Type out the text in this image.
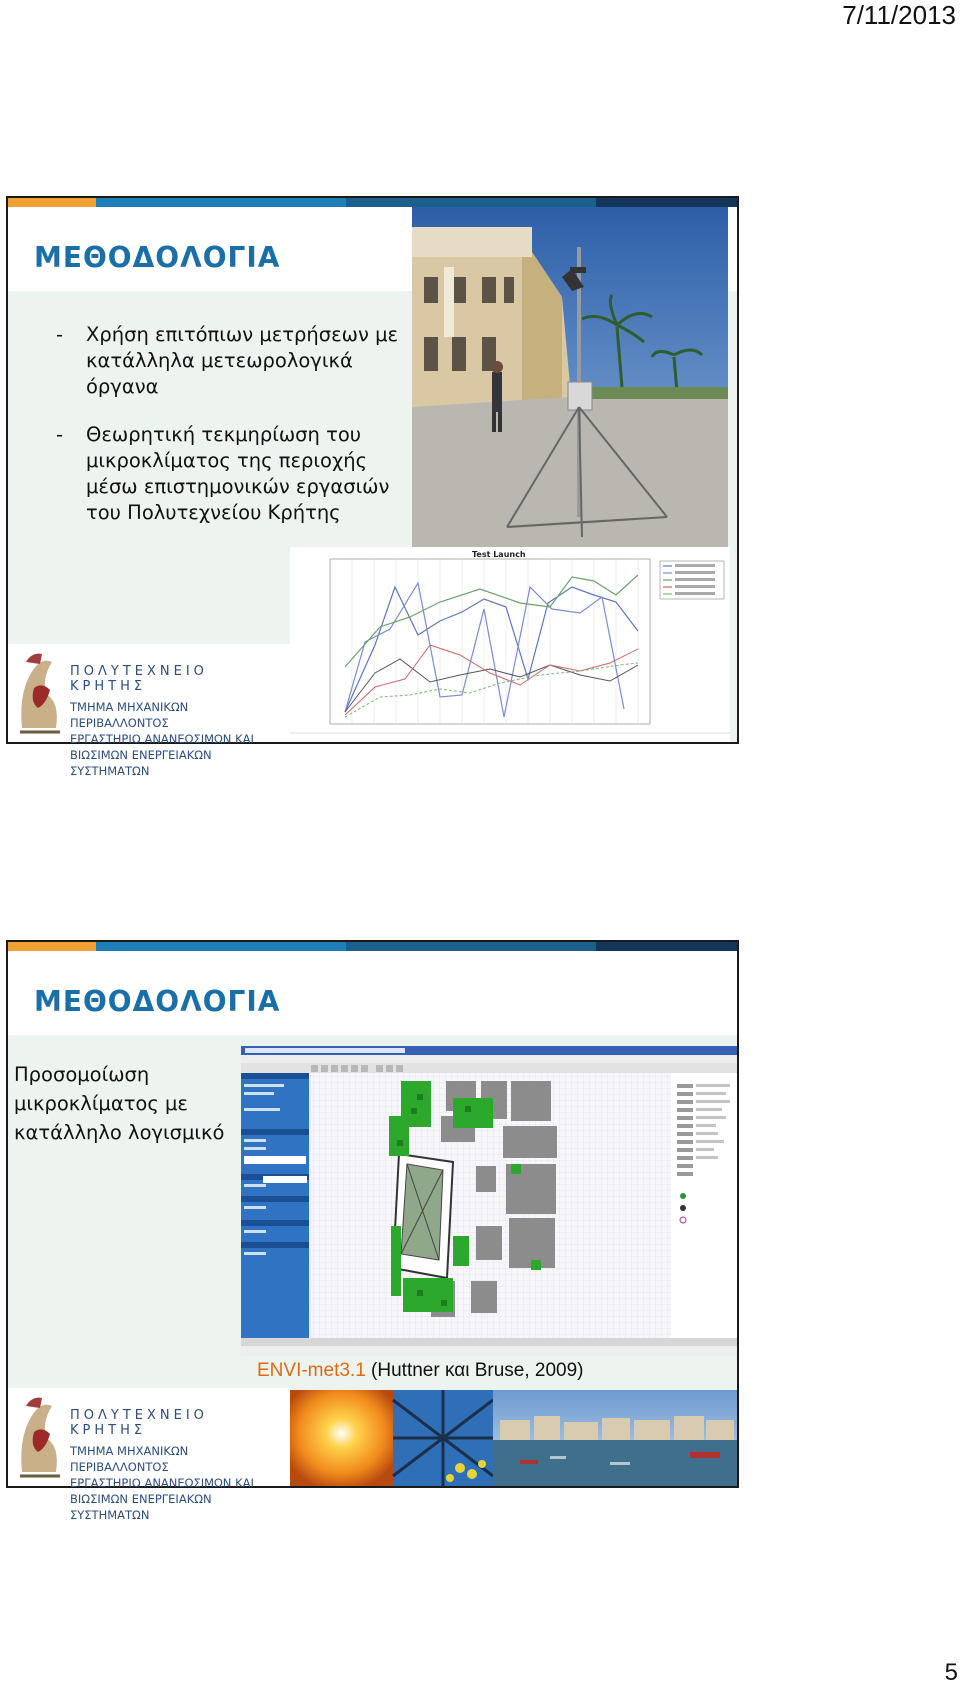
7/11/2013
ΜΕΘΟΔΟΛΟΓΙΑ
- Χρήση επιτόπιων μετρήσεων με κατάλληλα μετεωρολογικά όργανα
- Θεωρητική τεκμηρίωση του μικροκλίματος της περιοχής μέσω επιστημονικών εργασιών του Πολυτεχνείου Κρήτης
Test Launch
ΠΟΛΥΤΕΧΝΕΙΟ ΚΡΗΤΗΣ
ΤΜΗΜΑ ΜΗΧΑΝΙΚΩΝ ΠΕΡΙΒΑΛΛΟΝΤΟΣ
ΕΡΓΑΣΤΗΡΙΟ ΑΝΑΝΕΩΣΙΜΩΝ ΚΑΙ
ΒΙΩΣΙΜΩΝ ΕΝΕΡΓΕΙΑΚΩΝ ΣΥΣΤΗΜΑΤΩΝ
ΜΕΘΟΔΟΛΟΓΙΑ
Προσομοίωση μικροκλίματος με κατάλληλο λογισμικό
ENVI-met3.1 (Huttner και Bruse, 2009)
ΠΟΛΥΤΕΧΝΕΙΟ ΚΡΗΤΗΣ
ΤΜΗΜΑ ΜΗΧΑΝΙΚΩΝ ΠΕΡΙΒΑΛΛΟΝΤΟΣ
ΕΡΓΑΣΤΗΡΙΟ ΑΝΑΝΕΩΣΙΜΩΝ ΚΑΙ
ΒΙΩΣΙΜΩΝ ΕΝΕΡΓΕΙΑΚΩΝ ΣΥΣΤΗΜΑΤΩΝ
5
